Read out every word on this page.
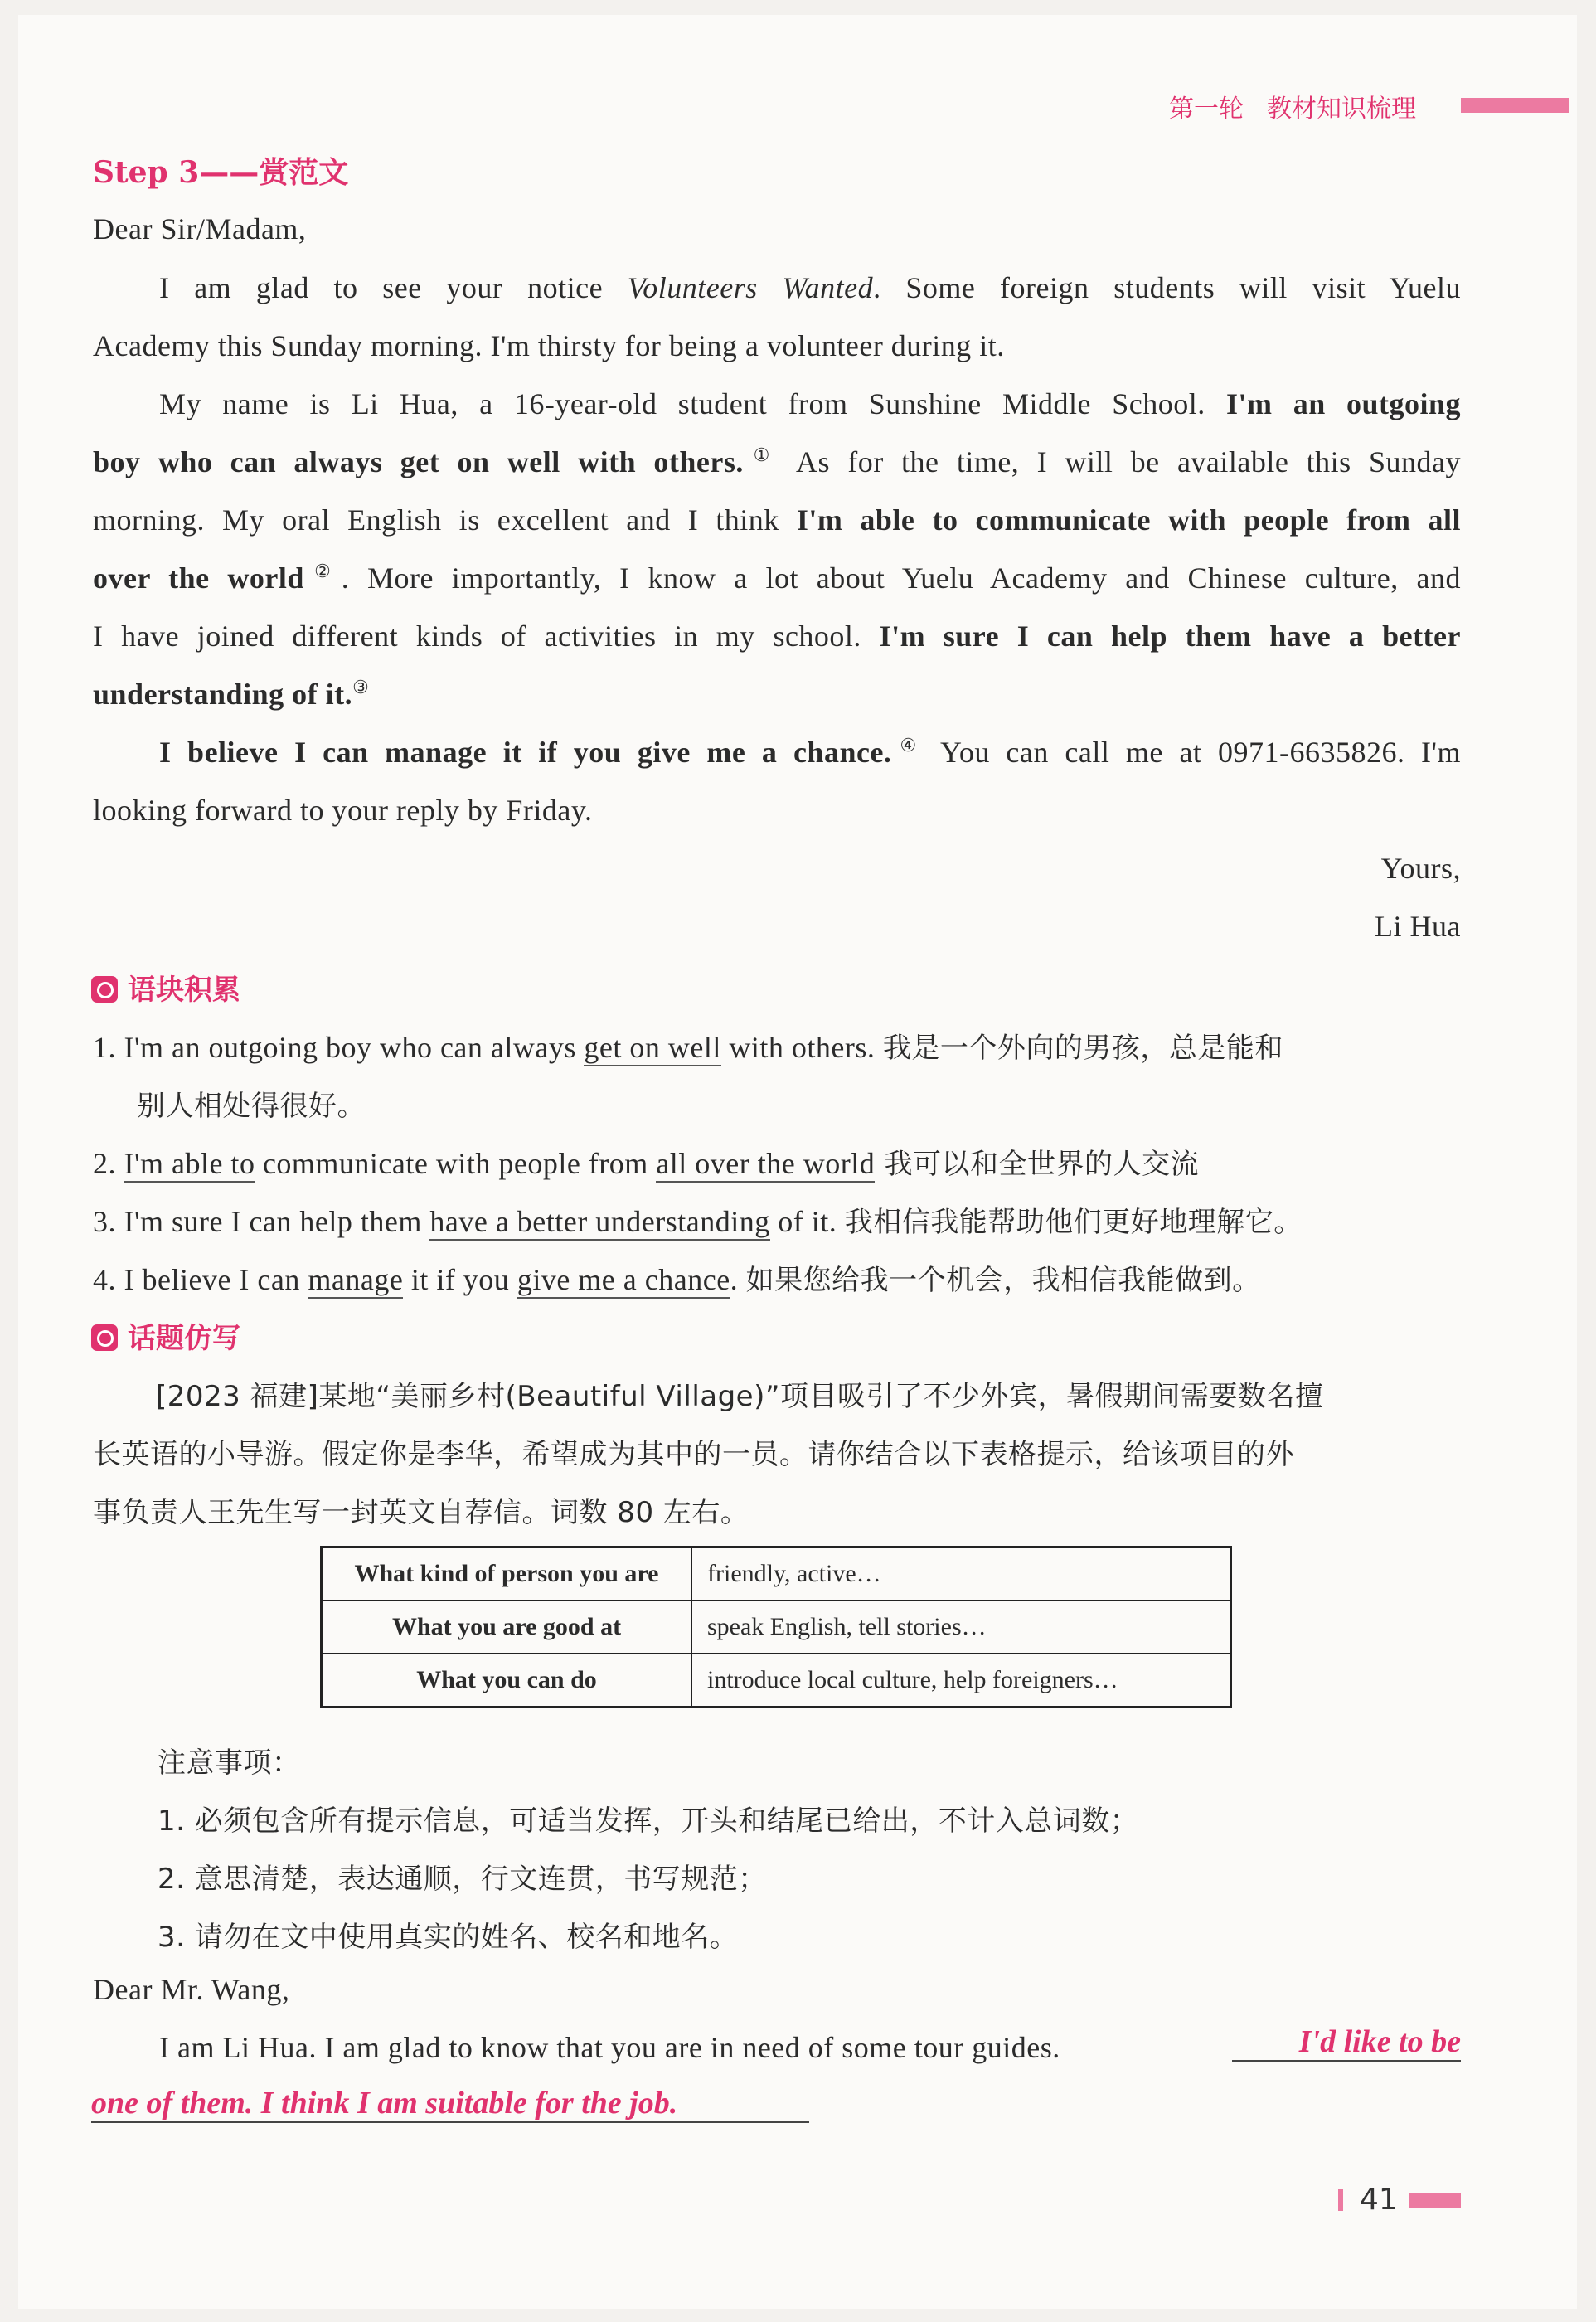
第一轮 教材知识梳理
Step 3——赏范文
Dear Sir/Madam,
I am glad to see your notice Volunteers Wanted. Some foreign students will visit Yuelu
Academy this Sunday morning. I'm thirsty for being a volunteer during it.
My name is Li Hua, a 16-year-old student from Sunshine Middle School. I'm an outgoing
boy who can always get on well with others.① As for the time, I will be available this Sunday
morning. My oral English is excellent and I think I'm able to communicate with people from all
over the world②. More importantly, I know a lot about Yuelu Academy and Chinese culture, and
I have joined different kinds of activities in my school. I'm sure I can help them have a better
understanding of it.③
I believe I can manage it if you give me a chance.④ You can call me at 0971-6635826. I'm
looking forward to your reply by Friday.
Yours,
Li Hua
语块积累
1. I'm an outgoing boy who can always get on well with others. 我是一个外向的男孩，总是能和
别人相处得很好。
2. I'm able to communicate with people from all over the world 我可以和全世界的人交流
3. I'm sure I can help them have a better understanding of it. 我相信我能帮助他们更好地理解它。
4. I believe I can manage it if you give me a chance. 如果您给我一个机会，我相信我能做到。
话题仿写
[2023 福建]某地“美丽乡村(Beautiful Village)”项目吸引了不少外宾，暑假期间需要数名擅
长英语的小导游。假定你是李华，希望成为其中的一员。请你结合以下表格提示，给该项目的外
事负责人王先生写一封英文自荐信。词数 80 左右。
What kind of person you are	friendly, active…
What you are good at	speak English, tell stories…
What you can do	introduce local culture, help foreigners…
注意事项：
1. 必须包含所有提示信息，可适当发挥，开头和结尾已给出，不计入总词数；
2. 意思清楚，表达通顺，行文连贯，书写规范；
3. 请勿在文中使用真实的姓名、校名和地名。
Dear Mr. Wang,
I am Li Hua. I am glad to know that you are in need of some tour guides.	I'd like to be
one of them. I think I am suitable for the job.
41
